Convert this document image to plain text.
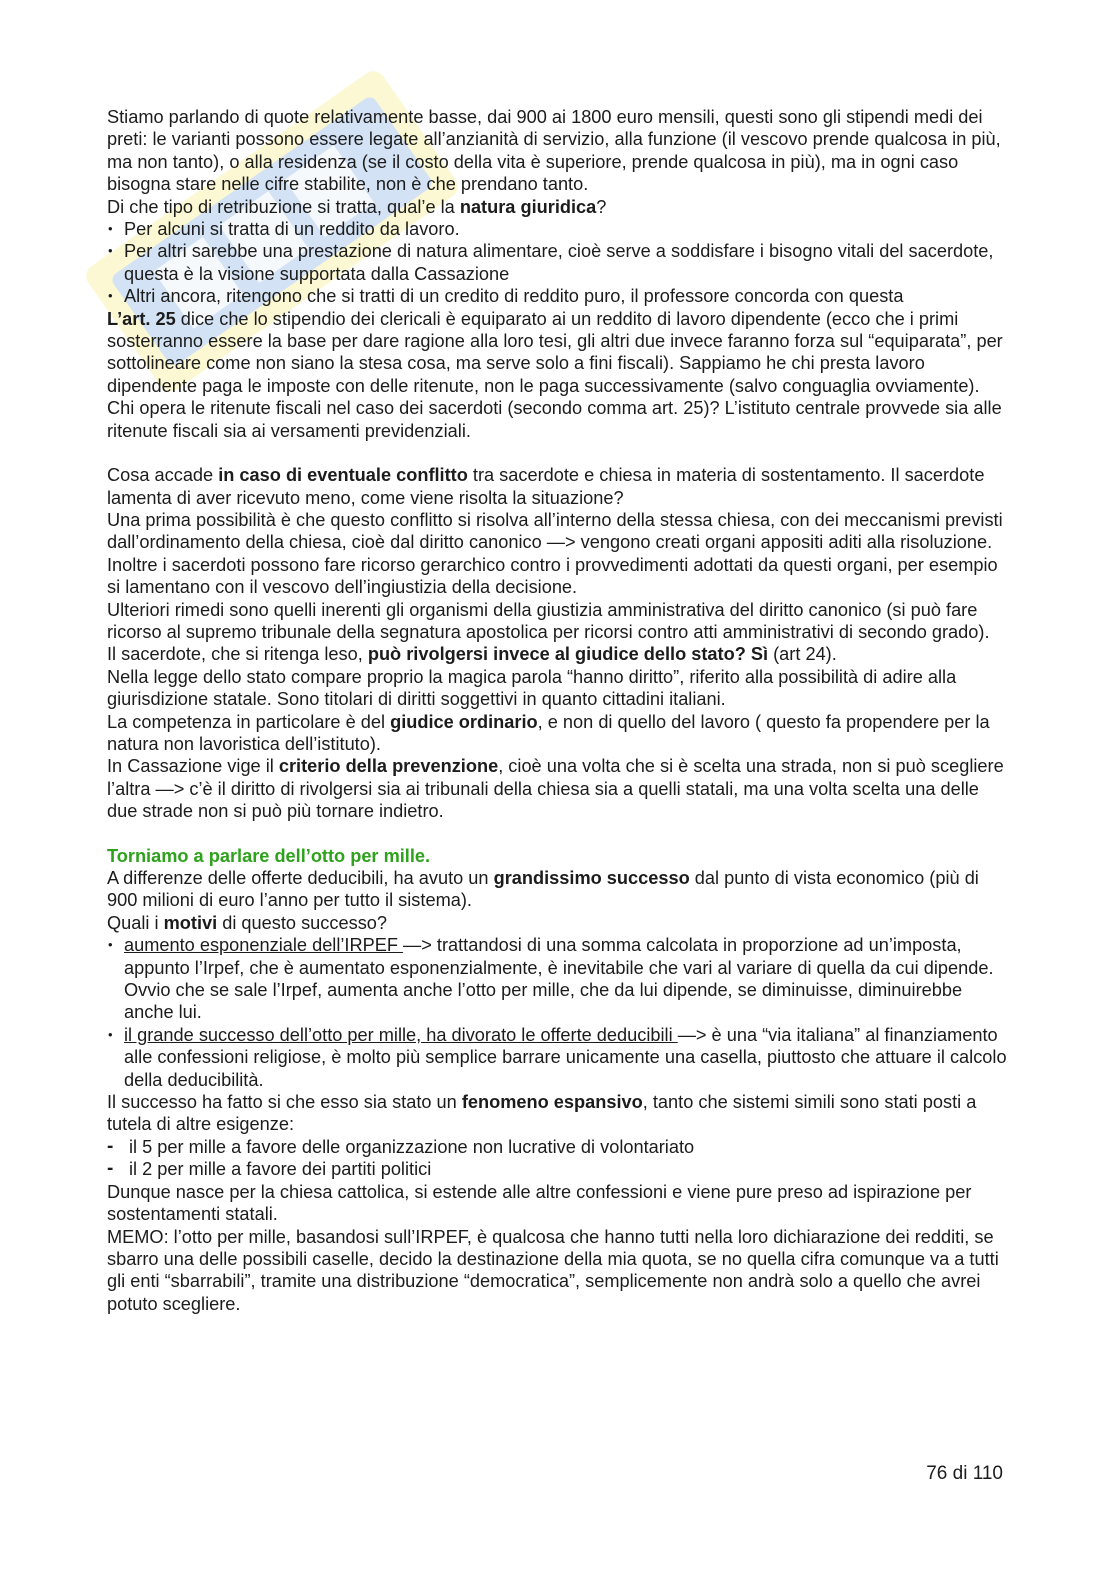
Stiamo parlando di quote relativamente basse, dai 900 ai 1800 euro mensili, questi sono gli stipendi medi dei preti: le varianti possono essere legate all’anzianità di servizio, alla funzione (il vescovo prende qualcosa in più, ma non tanto), o alla residenza (se il costo della vita è superiore, prende qualcosa in più), ma in ogni caso bisogna stare nelle cifre stabilite, non è che prendano tanto.

Di che tipo di retribuzione si tratta, qual’e la natura giuridica?

• Per alcuni si tratta di un reddito da lavoro.
• Per altri sarebbe una prestazione di natura alimentare, cioè serve a soddisfare i bisogno vitali del sacerdote, questa è la visione supportata dalla Cassazione
• Altri ancora, ritengono che si tratti di un credito di reddito puro, il professore concorda con questa

L’art. 25 dice che lo stipendio dei clericali è equiparato ai un reddito di lavoro dipendente (ecco che i primi sosterranno essere la base per dare ragione alla loro tesi, gli altri due invece faranno forza sul “equiparata”, per sottolineare come non siano la stesa cosa, ma serve solo a fini fiscali). Sappiamo he chi presta lavoro dipendente paga le imposte con delle ritenute, non le paga successivamente (salvo conguaglia ovviamente). Chi opera le ritenute fiscali nel caso dei sacerdoti (secondo comma art. 25)? L’istituto centrale provvede sia alle ritenute fiscali sia ai versamenti previdenziali.

Cosa accade in caso di eventuale conflitto tra sacerdote e chiesa in materia di sostentamento. Il sacerdote lamenta di aver ricevuto meno, come viene risolta la situazione?

Una prima possibilità è che questo conflitto si risolva all’interno della stessa chiesa, con dei meccanismi previsti dall’ordinamento della chiesa, cioè dal diritto canonico —> vengono creati organi appositi aditi alla risoluzione.

Inoltre i sacerdoti possono fare ricorso gerarchico contro i provvedimenti adottati da questi organi, per esempio si lamentano con il vescovo dell’ingiustizia della decisione.

Ulteriori rimedi sono quelli inerenti gli organismi della giustizia amministrativa del diritto canonico (si può fare ricorso al supremo tribunale della segnatura apostolica per ricorsi contro atti amministrativi di secondo grado).

Il sacerdote, che si ritenga leso, può rivolgersi invece al giudice dello stato? Sì (art 24).

Nella legge dello stato compare proprio la magica parola “hanno diritto”, riferito alla possibilità di adire alla giurisdizione statale. Sono titolari di diritti soggettivi in quanto cittadini italiani.

La competenza in particolare è del giudice ordinario, e non di quello del lavoro ( questo fa propendere per la natura non lavoristica dell’istituto).

In Cassazione vige il criterio della prevenzione, cioè una volta che si è scelta una strada, non si può scegliere l’altra —> c’è il diritto di rivolgersi sia ai tribunali della chiesa sia a quelli statali, ma una volta scelta una delle due strade non si può più tornare indietro.

Torniamo a parlare dell’otto per mille.

A differenze delle offerte deducibili, ha avuto un grandissimo successo dal punto di vista economico (più di 900 milioni di euro l’anno per tutto il sistema).

Quali i motivi di questo successo?

• aumento esponenziale dell’IRPEF —> trattandosi di una somma calcolata in proporzione ad un’imposta, appunto l’Irpef, che è aumentato esponenzialmente, è inevitabile che vari al variare di quella da cui dipende. Ovvio che se sale l’Irpef, aumenta anche l’otto per mille, che da lui dipende, se diminuisse, diminuirebbe anche lui.
• il grande successo dell’otto per mille, ha divorato le offerte deducibili —> è una “via italiana” al finanziamento alle confessioni religiose, è molto più semplice barrare unicamente una casella, piuttosto che attuare il calcolo della deducibilità.

Il successo ha fatto si che esso sia stato un fenomeno espansivo, tanto che sistemi simili sono stati posti a tutela di altre esigenze:

- il 5 per mille a favore delle organizzazione non lucrative di volontariato
- il 2 per mille a favore dei partiti politici

Dunque nasce per la chiesa cattolica, si estende alle altre confessioni e viene pure preso ad ispirazione per sostentamenti statali.

MEMO: l’otto per mille, basandosi sull’IRPEF, è qualcosa che hanno tutti nella loro dichiarazione dei redditi, se sbarro una delle possibili caselle, decido la destinazione della mia quota, se no quella cifra comunque va a tutti gli enti “sbarrabili”, tramite una distribuzione “democratica”, semplicemente non andrà solo a quello che avrei potuto scegliere.

76 di 110
